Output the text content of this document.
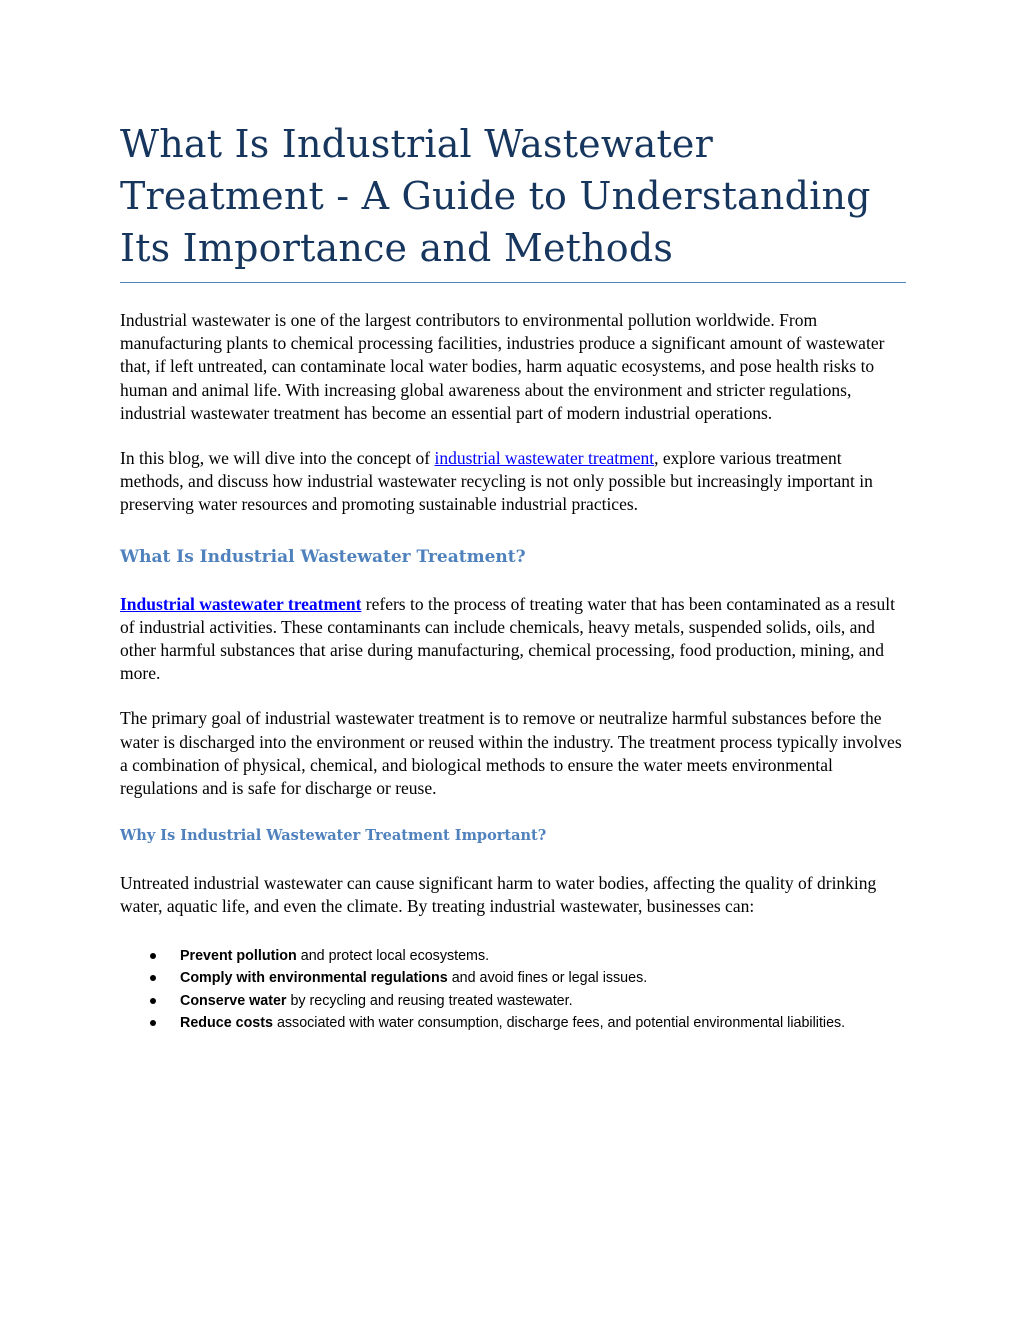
What Is Industrial Wastewater Treatment - A Guide to Understanding Its Importance and Methods

Industrial wastewater is one of the largest contributors to environmental pollution worldwide. From manufacturing plants to chemical processing facilities, industries produce a significant amount of wastewater that, if left untreated, can contaminate local water bodies, harm aquatic ecosystems, and pose health risks to human and animal life. With increasing global awareness about the environment and stricter regulations, industrial wastewater treatment has become an essential part of modern industrial operations.

In this blog, we will dive into the concept of industrial wastewater treatment, explore various treatment methods, and discuss how industrial wastewater recycling is not only possible but increasingly important in preserving water resources and promoting sustainable industrial practices.

What Is Industrial Wastewater Treatment?

Industrial wastewater treatment refers to the process of treating water that has been contaminated as a result of industrial activities. These contaminants can include chemicals, heavy metals, suspended solids, oils, and other harmful substances that arise during manufacturing, chemical processing, food production, mining, and more.

The primary goal of industrial wastewater treatment is to remove or neutralize harmful substances before the water is discharged into the environment or reused within the industry. The treatment process typically involves a combination of physical, chemical, and biological methods to ensure the water meets environmental regulations and is safe for discharge or reuse.

Why Is Industrial Wastewater Treatment Important?

Untreated industrial wastewater can cause significant harm to water bodies, affecting the quality of drinking water, aquatic life, and even the climate. By treating industrial wastewater, businesses can:

Prevent pollution and protect local ecosystems.
Comply with environmental regulations and avoid fines or legal issues.
Conserve water by recycling and reusing treated wastewater.
Reduce costs associated with water consumption, discharge fees, and potential environmental liabilities.
